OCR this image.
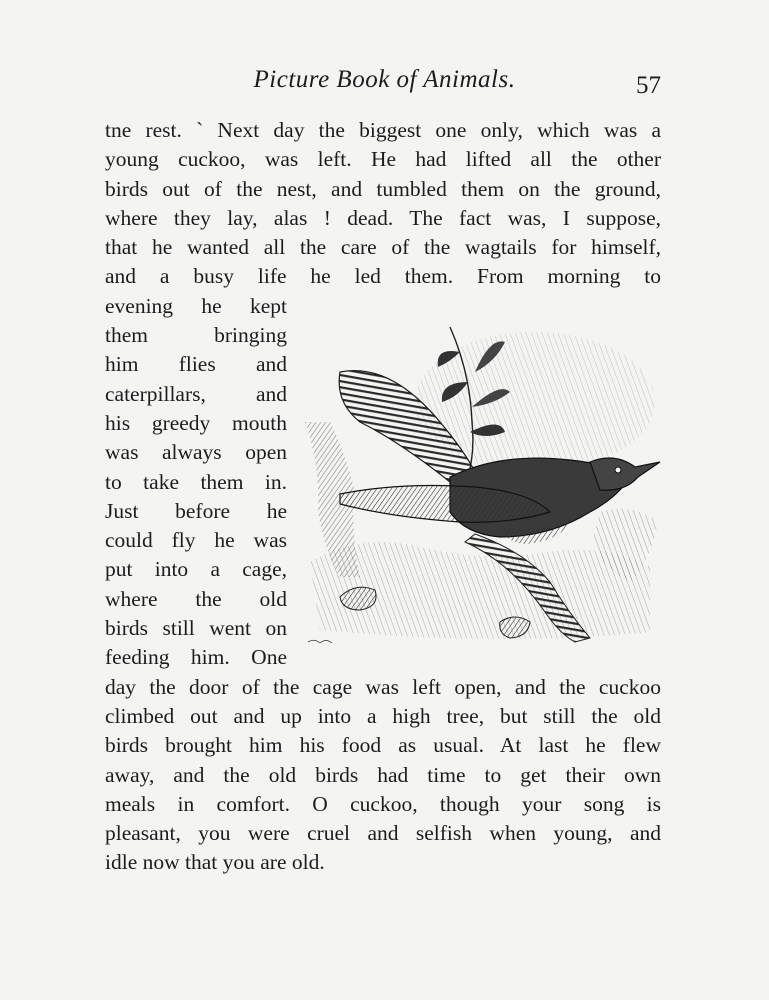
Picture Book of Animals.	57
tne rest. ` Next day the biggest one only, which was a
young cuckoo, was left. He had lifted all the other
birds out of the nest, and tumbled them on the ground,
where they lay, alas ! dead. The fact was, I suppose,
that he wanted all the care of the wagtails for himself,
and a busy life he led them. From morning to
evening he kept
them bringing
him flies and
caterpillars, and
his greedy mouth
was always open
to take them in.
Just before he
could fly he was
put into a cage,
where the old
birds still went on
feeding him. One
day the door of the cage was left open, and the cuckoo
climbed out and up into a high tree, but still the old
birds brought him his food as usual. At last he flew
away, and the old birds had time to get their own
meals in comfort. O cuckoo, though your song is
pleasant, you were cruel and selfish when young, and
idle now that you are old.
